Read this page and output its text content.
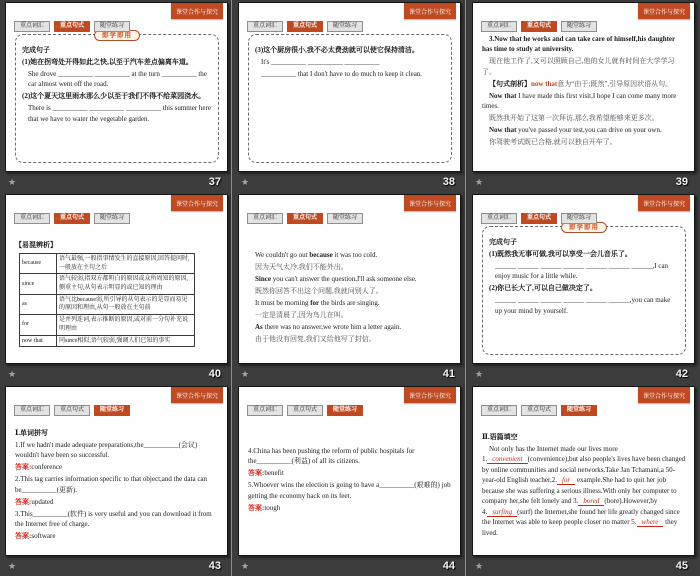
重点词汇	重点句式	随堂练习
课堂合作与探究
即学即用
完成句子
(1)她在拐弯处开得如此之快,以至于汽车差点偏离车道。
She drove __________ __________ at the turn __________ the car almost went off the road.
(2)这个夏天这里雨水那么少以至于我们不得不给菜园浇水。
There is __________ __________ __________ this summer here that we have to water the vegetable garden.
★	37
重点词汇	重点句式	随堂练习
课堂合作与探究
(3)这个厨房很小,我不必太费劲就可以使它保持清洁。
It's __________ __________ __________
__________ that I don't have to do much to keep it clean.
★	38
重点词汇	重点句式	随堂练习
课堂合作与探究
3.Now that he works and can take care of himself,his daughter has time to study at university.
现在他工作了,又可以照顾自己,他的女儿就有时间在大学学习了。
【句式剖析】now that意为“由于;既然”,引导原因状语从句。
Now that I have made this first visit,I hope I can come many more times.
既然我开始了这第一次拜访,那么我希望能够来更多次。
Now that you've passed your test,you can drive on your own.
你驾驶考试既已合格,就可以独自开车了。
★	39
重点词汇	重点句式	随堂练习
课堂合作与探究
【易混辨析】
because	语气最强,一般指事情发生的直接原因,回答提问时,一般放在主句之后
since	语气较弱,指双方都明白的原因或众所周知的原因,侧重主句,从句表示明显的或已知的理由
as	语气比because弱,所引导的从句表示的是显而易见的原因和理由,从句一般放在主句前
for	是并列连词,表示推断的原因,或对前一分句补充说明理由
now that	同since相似,语气较弱,强调人们已知的事实
★	40
重点词汇	重点句式	随堂练习
课堂合作与探究
We couldn't go out because it was too cold.
因为天气太冷,我们不能外出。
Since you can't answer the question,I'll ask someone else.
既然你回答不出这个问题,我就问别人了。
It must be morning for the birds are singing.
一定是清晨了,因为鸟儿在叫。
As there was no answer,we wrote him a letter again.
由于他没有回复,我们又给他写了封信。
★	41
重点词汇	重点句式	随堂练习
课堂合作与探究
即学即用
完成句子
(1)既然我无事可做,我可以享受一会儿音乐了。
______ ______ ______ ______ ______ ______ ______,I can enjoy music for a little while.
(2)你已长大了,可以自己做决定了。
______ ______ ______ ______ ______ ______,you can make up your mind by yourself.
★	42
重点词汇	重点句式	随堂练习
课堂合作与探究
Ⅰ.单词拼写
1.If we hadn't made adequate preparations,the__________(会议) wouldn't have been so successful.
答案:conference
2.This tag carries information specific to that object,and the data can be__________(更新).
答案:updated
3.This__________(软件) is very useful and you can download it from the Internet free of charge.
答案:software
★	43
重点词汇	重点句式	随堂练习
课堂合作与探究
4.China has been pushing the reform of public hospitals for the__________(利益) of all its citizens.
答案:benefit
5.Whoever wins the election is going to have a__________(艰难的) job getting the economy back on its feet.
答案:tough
★	44
重点词汇	重点句式	随堂练习
课堂合作与探究
Ⅱ.语篇填空
Not only has the Internet made our lives more 1. convenient (convenience),but also people's lives have been changed by online communities and social networks.Take Jan Tchamani,a 50-year-old English teacher,2. for example.She had to quit her job because she was suffering a serious illness.With only her computer to company her,she felt lonely and 3. bored (bore).However,by 4. surfing (surf) the Internet,she found her life greatly changed since the Internet was able to keep people closer no matter 5. where they lived.
★	45
